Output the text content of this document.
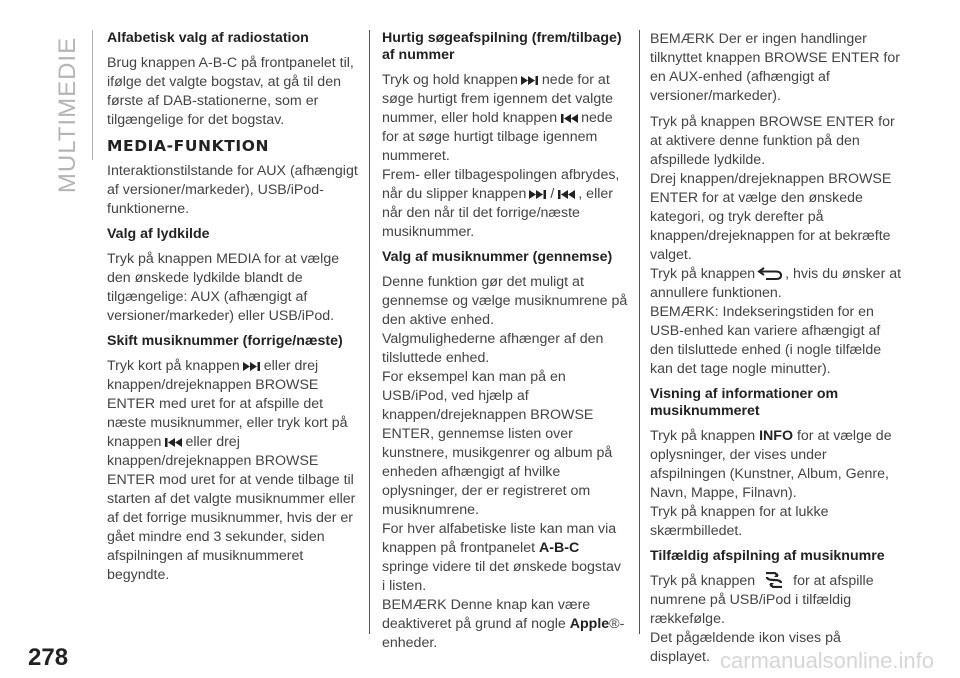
MULTIMEDIE Alfabetisk valg af radiostation

Brug knappen A-B-C på frontpanelet til, ifølge det valgte bogstav, at gå til den første af DAB-stationerne, som er tilgængelige for det bogstav.

MEDIA-FUNKTION

Interaktionstilstande for AUX (afhængigt af versioner/markeder), USB/iPod-funktionerne.

Valg af lydkilde

Tryk på knappen MEDIA for at vælge den ønskede lydkilde blandt de tilgængelige: AUX (afhængigt af versioner/markeder) eller USB/iPod.

Skift musiknummer (forrige/næste)

Tryk kort på knappen eller drej knappen/drejeknappen BROWSE ENTER med uret for at afspille det næste musiknummer, eller tryk kort på knappen eller drej knappen/drejeknappen BROWSE ENTER mod uret for at vende tilbage til starten af det valgte musiknummer eller af det forrige musiknummer, hvis der er gået mindre end 3 sekunder, siden afspilningen af musiknummeret begyndte.

Hurtig søgeafspilning (frem/tilbage) af nummer

Tryk og hold knappen nede for at søge hurtigt frem igennem det valgte nummer, eller hold knappen nede for at søge hurtigt tilbage igennem nummeret.
Frem- eller tilbagespolingen afbrydes, når du slipper knappen / , eller når den når til det forrige/næste musiknummer.

Valg af musiknummer (gennemse)

Denne funktion gør det muligt at gennemse og vælge musiknumrene på den aktive enhed.
Valgmulighederne afhænger af den tilsluttede enhed.
For eksempel kan man på en USB/iPod, ved hjælp af knappen/drejeknappen BROWSE ENTER, gennemse listen over kunstnere, musikgenrer og album på enheden afhængigt af hvilke oplysninger, der er registreret om musiknumrene.
For hver alfabetiske liste kan man via knappen på frontpanelet A-B-C
springe videre til det ønskede bogstav i listen.
BEMÆRK Denne knap kan være deaktiveret på grund af nogle Apple®-enheder.

BEMÆRK Der er ingen handlinger tilknyttet knappen BROWSE ENTER for en AUX-enhed (afhængigt af versioner/markeder).

Tryk på knappen BROWSE ENTER for at aktivere denne funktion på den afspillede lydkilde.
Drej knappen/drejeknappen BROWSE ENTER for at vælge den ønskede kategori, og tryk derefter på knappen/drejeknappen for at bekræfte valget.
Tryk på knappen , hvis du ønsker at annullere funktionen.
BEMÆRK: Indekseringstiden for en USB-enhed kan variere afhængigt af den tilsluttede enhed (i nogle tilfælde kan det tage nogle minutter).

Visning af informationer om musiknummeret

Tryk på knappen INFO for at vælge de oplysninger, der vises under afspilningen (Kunstner, Album, Genre, Navn, Mappe, Filnavn).
Tryk på knappen for at lukke skærmbilledet.

Tilfældig afspilning af musiknumre

Tryk på knappen	for at afspille numrene på USB/iPod i tilfældig rækkefølge.
Det pågældende ikon vises på displayet.

278	carmanualsonline.info
